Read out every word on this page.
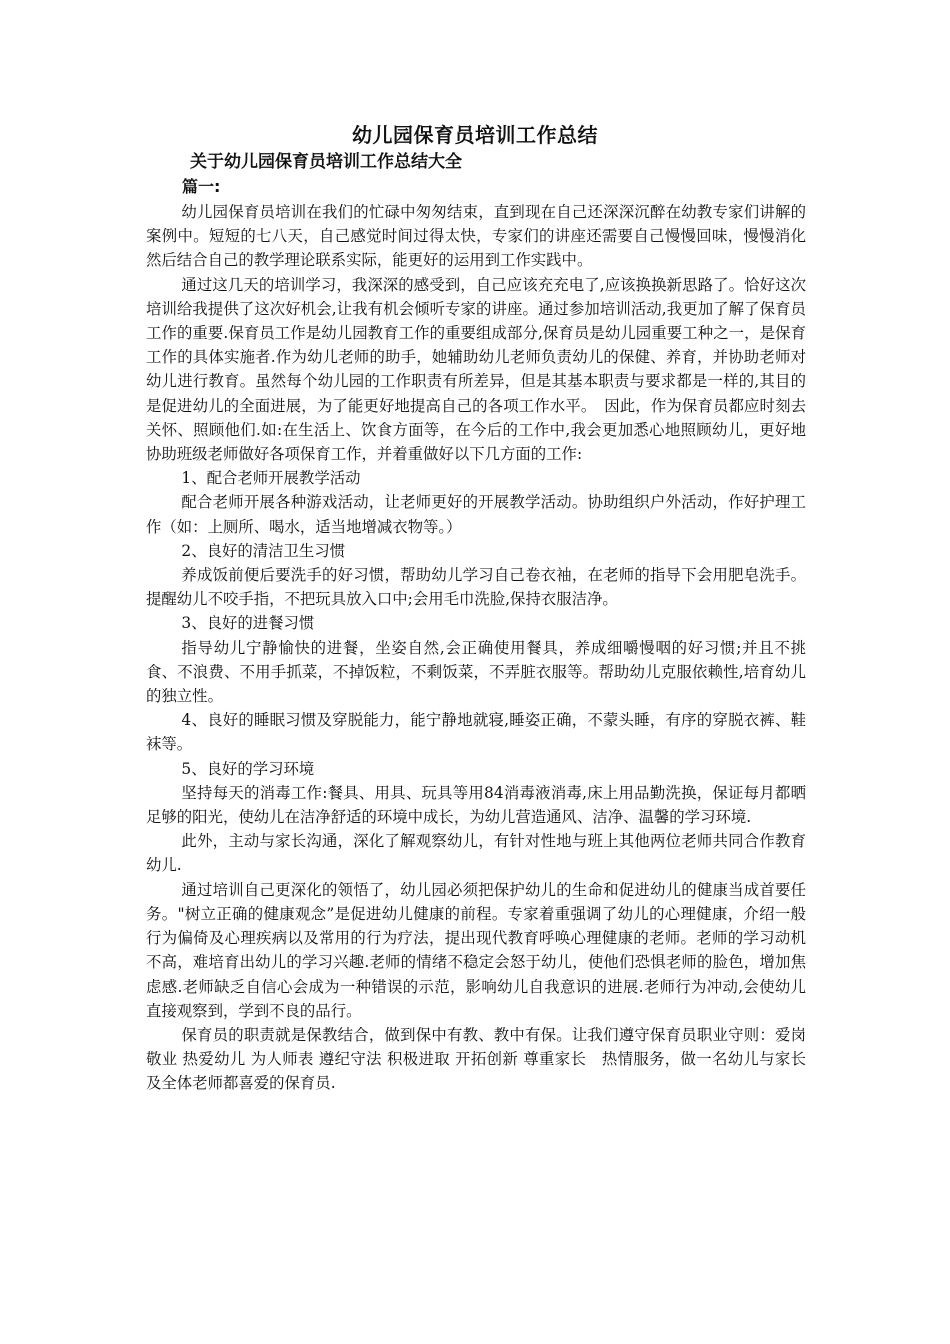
幼儿园保育员培训工作总结
关于幼儿园保育员培训工作总结大全
篇一:

幼儿园保育员培训在我们的忙碌中匆匆结束，直到现在自己还深深沉醉在幼教专家们讲解的案例中。短短的七八天，自己感觉时间过得太快，专家们的讲座还需要自己慢慢回味，慢慢消化然后结合自己的教学理论联系实际，能更好的运用到工作实践中。

通过这几天的培训学习，我深深的感受到，自己应该充充电了,应该换换新思路了。恰好这次培训给我提供了这次好机会,让我有机会倾听专家的讲座。通过参加培训活动,我更加了解了保育员工作的重要.保育员工作是幼儿园教育工作的重要组成部分,保育员是幼儿园重要工种之一，是保育工作的具体实施者.作为幼儿老师的助手，她辅助幼儿老师负责幼儿的保健、养育，并协助老师对幼儿进行教育。虽然每个幼儿园的工作职责有所差异，但是其基本职责与要求都是一样的,其目的是促进幼儿的全面进展，为了能更好地提高自己的各项工作水平。　因此，作为保育员都应时刻去关怀、照顾他们.如:在生活上、饮食方面等，在今后的工作中,我会更加悉心地照顾幼儿，更好地协助班级老师做好各项保育工作，并着重做好以下几方面的工作:

1、配合老师开展教学活动

配合老师开展各种游戏活动，让老师更好的开展教学活动。协助组织户外活动，作好护理工作（如：上厕所、喝水，适当地增减衣物等。）

2、良好的清洁卫生习惯

养成饭前便后要洗手的好习惯，帮助幼儿学习自己卷衣袖，在老师的指导下会用肥皂洗手。提醒幼儿不咬手指，不把玩具放入口中;会用毛巾洗脸,保持衣服洁净。

3、良好的进餐习惯

指导幼儿宁静愉快的进餐，坐姿自然,会正确使用餐具，养成细嚼慢咽的好习惯;并且不挑食、不浪费、不用手抓菜，不掉饭粒，不剩饭菜，不弄脏衣服等。帮助幼儿克服依赖性,培育幼儿的独立性。

4、良好的睡眠习惯及穿脱能力，能宁静地就寝,睡姿正确，不蒙头睡，有序的穿脱衣裤、鞋袜等。

5、良好的学习环境

坚持每天的消毒工作:餐具、用具、玩具等用84消毒液消毒,床上用品勤洗换，保证每月都晒足够的阳光，使幼儿在洁净舒适的环境中成长，为幼儿营造通风、洁净、温馨的学习环境.

此外，主动与家长沟通，深化了解观察幼儿，有针对性地与班上其他两位老师共同合作教育幼儿.

通过培训自己更深化的领悟了，幼儿园必须把保护幼儿的生命和促进幼儿的健康当成首要任务。"树立正确的健康观念”是促进幼儿健康的前程。专家着重强调了幼儿的心理健康，介绍一般行为偏倚及心理疾病以及常用的行为疗法，提出现代教育呼唤心理健康的老师。老师的学习动机不高，难培育出幼儿的学习兴趣.老师的情绪不稳定会怒于幼儿，使他们恐惧老师的脸色，增加焦虑感.老师缺乏自信心会成为一种错误的示范，影响幼儿自我意识的进展.老师行为冲动,会使幼儿直接观察到，学到不良的品行。

保育员的职责就是保教结合，做到保中有教、教中有保。让我们遵守保育员职业守则：爱岗敬业 热爱幼儿 为人师表 遵纪守法 积极进取 开拓创新 尊重家长　热情服务，做一名幼儿与家长及全体老师都喜爱的保育员.
